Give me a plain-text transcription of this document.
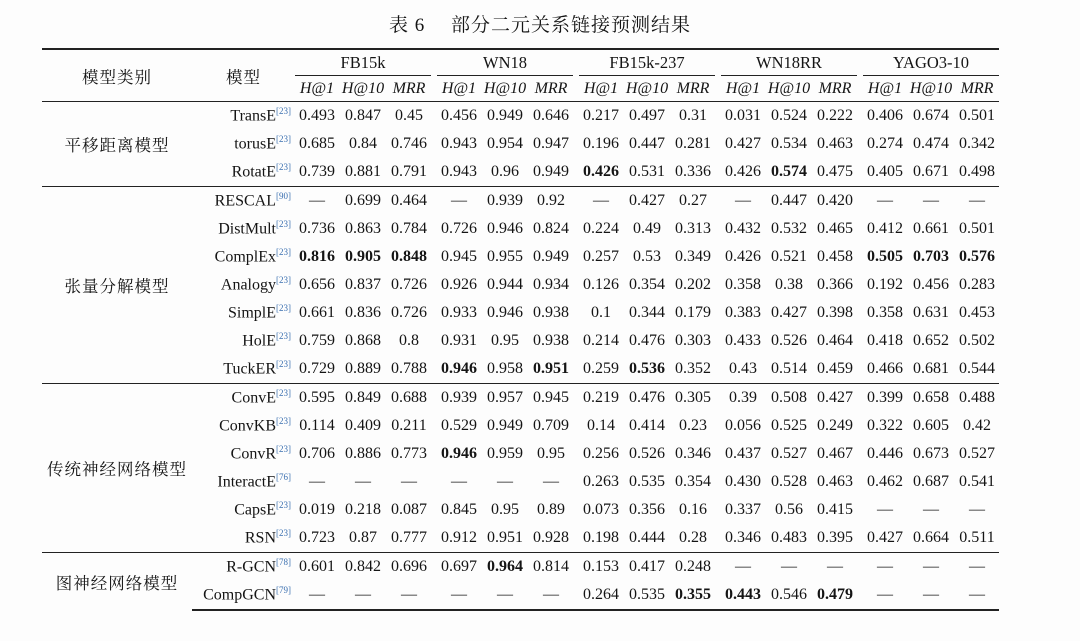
表 6 部分二元关系链接预测结果
模型类别	模型	FB15k				WN18				FB15k-237				WN18RR				YAGO3-10		
		H@1	H@10	MRR		H@1	H@10	MRR		H@1	H@10	MRR		H@1	H@10	MRR		H@1	H@10	MRR
平移距离模型	TransE[23]	0.493	0.847	0.45		0.456	0.949	0.646		0.217	0.497	0.31		0.031	0.524	0.222		0.406	0.674	0.501
	torusE[23]	0.685	0.84	0.746		0.943	0.954	0.947		0.196	0.447	0.281		0.427	0.534	0.463		0.274	0.474	0.342
	RotatE[23]	0.739	0.881	0.791		0.943	0.96	0.949		0.426	0.531	0.336		0.426	0.574	0.475		0.405	0.671	0.498
张量分解模型	RESCAL[90]	—	0.699	0.464		—	0.939	0.92		—	0.427	0.27		—	0.447	0.420		—	—	—
	DistMult[23]	0.736	0.863	0.784		0.726	0.946	0.824		0.224	0.49	0.313		0.432	0.532	0.465		0.412	0.661	0.501
	ComplEx[23]	0.816	0.905	0.848		0.945	0.955	0.949		0.257	0.53	0.349		0.426	0.521	0.458		0.505	0.703	0.576
	Analogy[23]	0.656	0.837	0.726		0.926	0.944	0.934		0.126	0.354	0.202		0.358	0.38	0.366		0.192	0.456	0.283
	SimplE[23]	0.661	0.836	0.726		0.933	0.946	0.938		0.1	0.344	0.179		0.383	0.427	0.398		0.358	0.631	0.453
	HolE[23]	0.759	0.868	0.8		0.931	0.95	0.938		0.214	0.476	0.303		0.433	0.526	0.464		0.418	0.652	0.502
	TuckER[23]	0.729	0.889	0.788		0.946	0.958	0.951		0.259	0.536	0.352		0.43	0.514	0.459		0.466	0.681	0.544
传统神经网络模型	ConvE[23]	0.595	0.849	0.688		0.939	0.957	0.945		0.219	0.476	0.305		0.39	0.508	0.427		0.399	0.658	0.488
	ConvKB[23]	0.114	0.409	0.211		0.529	0.949	0.709		0.14	0.414	0.23		0.056	0.525	0.249		0.322	0.605	0.42
	ConvR[23]	0.706	0.886	0.773		0.946	0.959	0.95		0.256	0.526	0.346		0.437	0.527	0.467		0.446	0.673	0.527
	InteractE[76]	—	—	—		—	—	—		0.263	0.535	0.354		0.430	0.528	0.463		0.462	0.687	0.541
	CapsE[23]	0.019	0.218	0.087		0.845	0.95	0.89		0.073	0.356	0.16		0.337	0.56	0.415		—	—	—
	RSN[23]	0.723	0.87	0.777		0.912	0.951	0.928		0.198	0.444	0.28		0.346	0.483	0.395		0.427	0.664	0.511
图神经网络模型	R-GCN[78]	0.601	0.842	0.696		0.697	0.964	0.814		0.153	0.417	0.248		—	—	—		—	—	—
	CompGCN[79]	—	—	—		—	—	—		0.264	0.535	0.355		0.443	0.546	0.479		—	—	—
